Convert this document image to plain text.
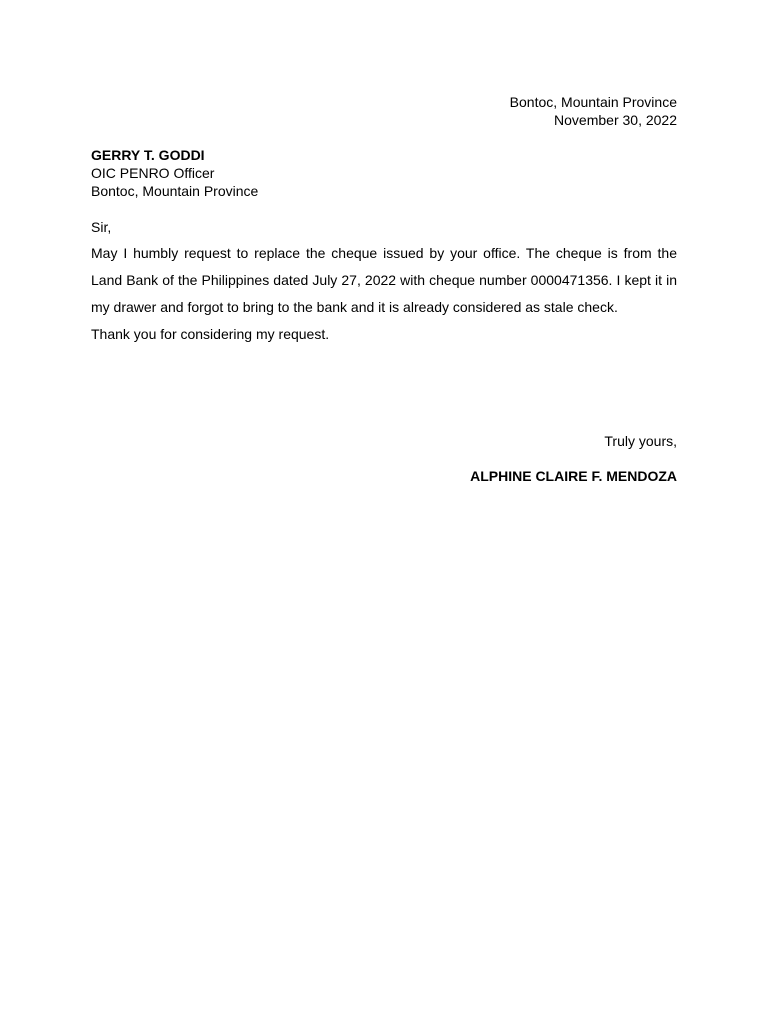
Bontoc, Mountain Province
November 30, 2022
GERRY T. GODDI
OIC PENRO Officer
Bontoc, Mountain Province
Sir,

May I humbly request to replace the cheque issued by your office. The cheque is from the Land Bank of the Philippines dated July 27, 2022 with cheque number 0000471356. I kept it in my drawer and forgot to bring to the bank and it is already considered as stale check.

Thank you for considering my request.

Truly yours,
ALPHINE CLAIRE F. MENDOZA
